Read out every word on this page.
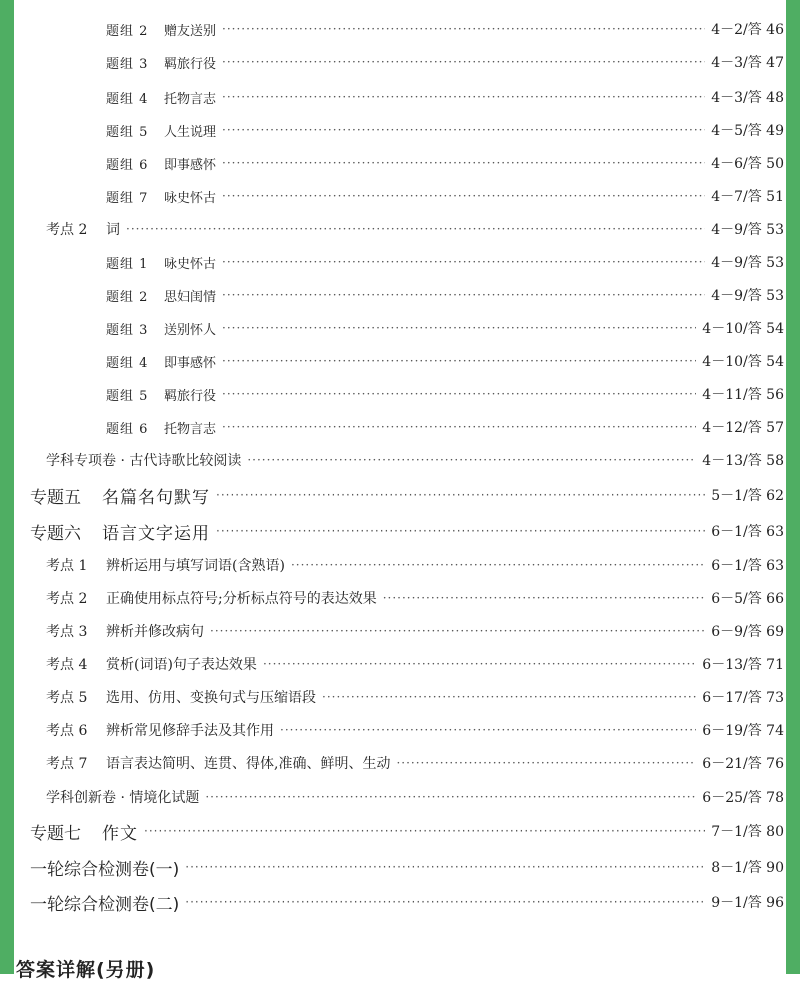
题组 2	赠友送别 ·····	4－2/答 46
题组 3	羁旅行役 ·····	4－3/答 47
题组 4	托物言志 ·····	4－3/答 48
题组 5	人生说理 ·····	4－5/答 49
题组 6	即事感怀 ·····	4－6/答 50
题组 7	咏史怀古 ·····	4－7/答 51
考点 2	词 ·····	4－9/答 53
题组 1	咏史怀古 ·····	4－9/答 53
题组 2	思妇闺情 ·····	4－9/答 53
题组 3	送别怀人 ·····	4－10/答 54
题组 4	即事感怀 ·····	4－10/答 54
题组 5	羁旅行役 ·····	4－11/答 56
题组 6	托物言志 ·····	4－12/答 57
学科专项卷 · 古代诗歌比较阅读 ·····	4－13/答 58
专题五	名篇名句默写 ·····	5－1/答 62
专题六	语言文字运用 ·····	6－1/答 63
考点 1	辨析运用与填写词语(含熟语) ·····	6－1/答 63
考点 2	正确使用标点符号;分析标点符号的表达效果 ·····	6－5/答 66
考点 3	辨析并修改病句 ·····	6－9/答 69
考点 4	赏析(词语)句子表达效果 ·····	6－13/答 71
考点 5	选用、仿用、变换句式与压缩语段 ·····	6－17/答 73
考点 6	辨析常见修辞手法及其作用 ·····	6－19/答 74
考点 7	语言表达简明、连贯、得体,准确、鲜明、生动 ·····	6－21/答 76
学科创新卷 · 情境化试题 ·····	6－25/答 78
专题七	作文 ·····	7－1/答 80
一轮综合检测卷(一) ·····	8－1/答 90
一轮综合检测卷(二) ·····	9－1/答 96
答案详解(另册)
